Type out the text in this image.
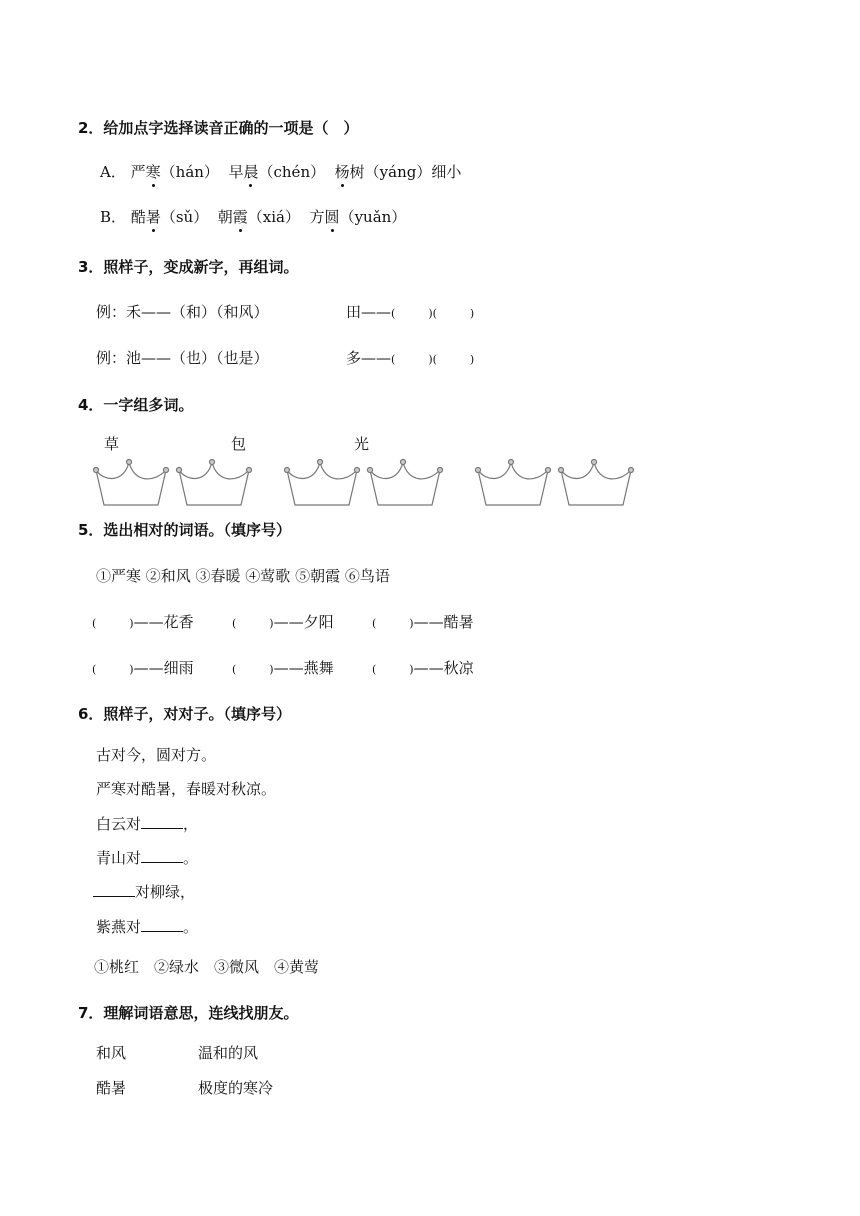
2．给加点字选择读音正确的一项是（　）
A． 严寒（hán） 早晨（chén） 杨树（yáng）细小
B． 酷暑（sǔ） 朝霞（xiá） 方圆（yuǎn）
3．照样子，变成新字，再组词。
例：禾——（和）（和风）	田——(   	)(   	)
例：池——（也）（也是）	多——(   	)(   	)
4．一字组多词。
草	包	光
5．选出相对的词语。（填序号）
①严寒 ②和风 ③春暖 ④莺歌 ⑤朝霞 ⑥鸟语
(   	)——花香	(   	)——夕阳	(   	)——酷暑
(   	)——细雨	(   	)——燕舞	(   	)——秋凉
6．照样子，对对子。（填序号）
古对今，圆对方。
严寒对酷暑，春暖对秋凉。
白云对	，
青山对	。
对柳绿，
紫燕对	。
①桃红　②绿水　③微风　④黄莺
7．理解词语意思，连线找朋友。
和风	温和的风
酷暑	极度的寒冷
